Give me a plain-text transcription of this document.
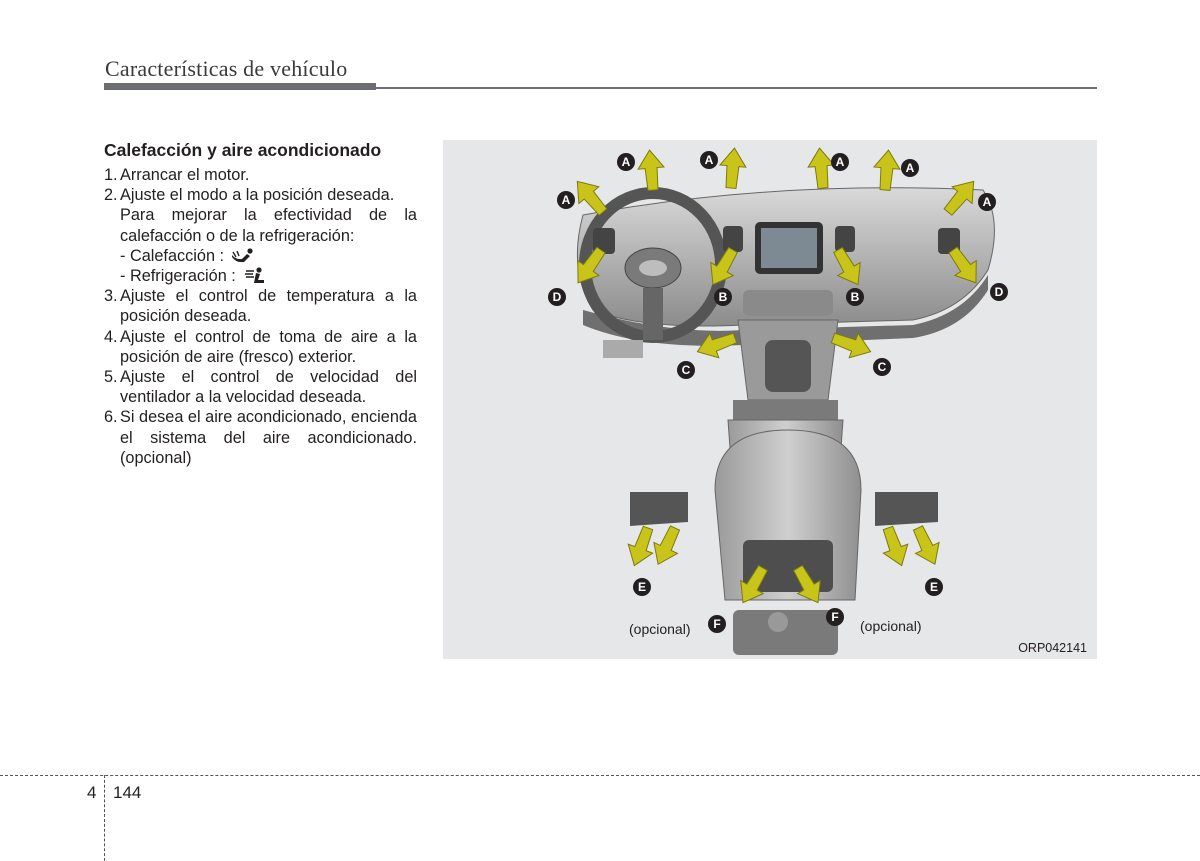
Características de vehículo
Calefacción y aire acondicionado
1. Arrancar el motor.
2. Ajuste el modo a la posición deseada.
Para mejorar la efectividad de la calefacción o de la refrigeración:
- Calefacción :
- Refrigeración :
3. Ajuste el control de temperatura a la posición deseada.
4. Ajuste el control de toma de aire a la posición de aire (fresco) exterior.
5. Ajuste el control de velocidad del ventilador a la velocidad deseada.
6. Si desea el aire acondicionado, encienda el sistema del aire acondicionado. (opcional)
A	A	A	A
A	A
B	B
C	C
D	D
E	E
F	F
(opcional)	(opcional)
ORP042141
4 144
